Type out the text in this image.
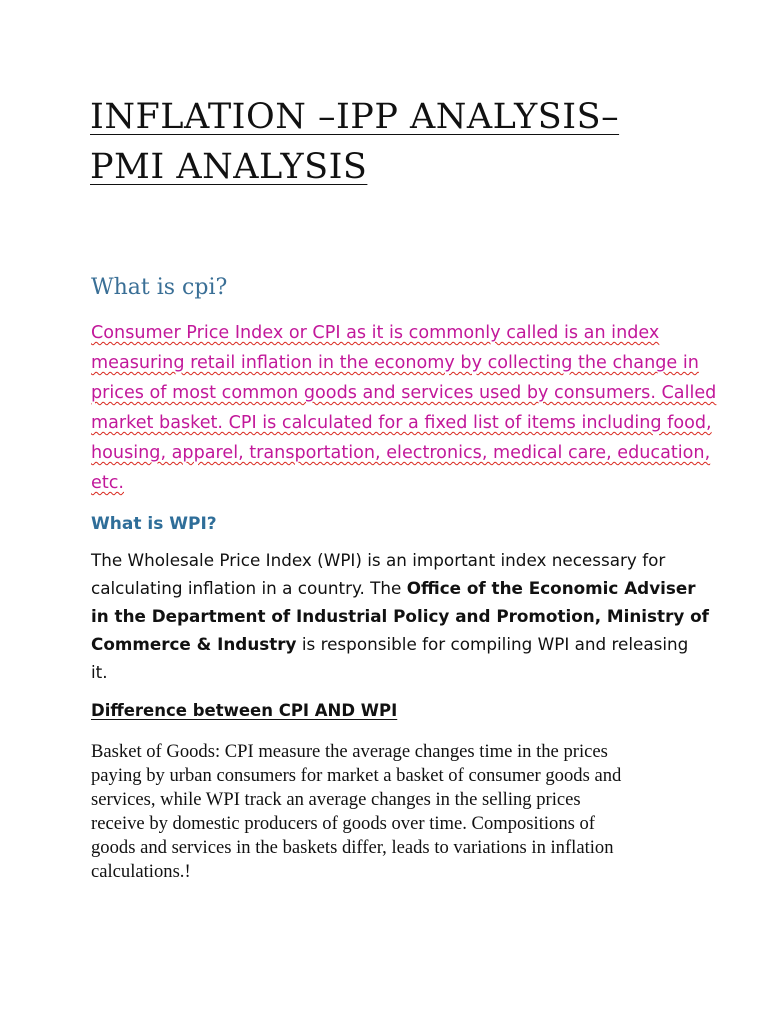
INFLATION –IPP ANALYSIS–
PMI ANALYSIS
What is cpi?

Consumer Price Index or CPI as it is commonly called is an index
measuring retail inflation in the economy by collecting the change in
prices of most common goods and services used by consumers. Called
market basket. CPI is calculated for a fixed list of items including food,
housing, apparel, transportation, electronics, medical care, education,
etc.

What is WPI?

The Wholesale Price Index (WPI) is an important index necessary for
calculating inflation in a country. The Office of the Economic Adviser
in the Department of Industrial Policy and Promotion, Ministry of
Commerce & Industry is responsible for compiling WPI and releasing
it.

Difference between CPI AND WPI

Basket of Goods: CPI measure the average changes time in the prices
paying by urban consumers for market a basket of consumer goods and
services, while WPI track an average changes in the selling prices
receive by domestic producers of goods over time. Compositions of
goods and services in the baskets differ, leads to variations in inflation
calculations.!
